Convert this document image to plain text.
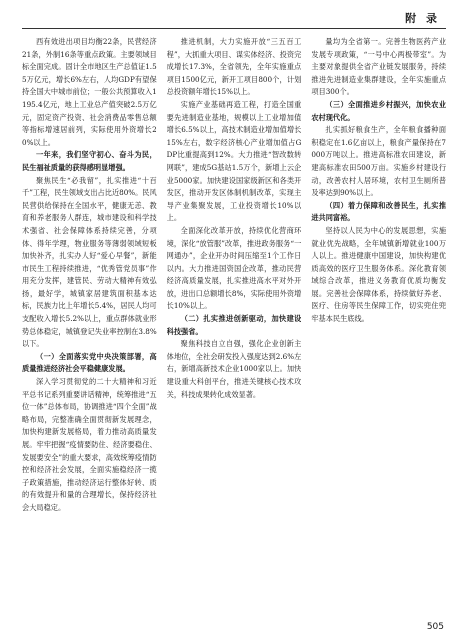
附 录

西有效进出项目均衡22条，民营经济21条，外制16条等重点政策。主要领域目标全面完成。固计全市地区生产总值证1.55万亿元，增长6%左右，人均GDP有望保持全国大中城市前位；一般公共预算收入1195.4亿元，地上工业总产值突破2.5万亿元，固定资产投资、社会消费品零售总额等指标增速居前列，实际使用外资增长20%以上。

一年来，我们坚守初心、奋斗为民，民生福祉质量的获得感明显增强。

聚焦民生“必我留”，扎实推进“十百千”工程，民生领域支出占比近80%。民风民营供给保持在全国水平，健康无恙、教育和养老服务人群连，城市建设和科学技术强省、社会保障体系持续完善，分项体、得年学理，物业服务等薄弱领域短板加快补齐，扎实办人好“爱心早餐”，新能市民生工程持续推进，“优秀管党员事”作用充分发挥，建管民、劳动大精神有效弘扬，最好学，城镇家居建筑面积基本达标，民族力比上年增长5.4%，居民人均可支配收入增长5.2%以上，重点群体就业形势总体稳定，城镇登记失业率控制在3.8%以下。

（一）全面落实党中央决策部署，高质量推进经济社会平稳健康发展。

深入学习贯彻党的二十大精神和习近平总书记系列重要讲话精神，统筹推进“五位一体”总体布局，协调推进“四个全面”战略布局，完整准确全面贯彻新发展理念，加快构建新发展格局，着力推动高质量发展。牢牢把握“疫情要防住、经济要稳住、发展要安全”的重大要求，高效统筹疫情防控和经济社会发展，全面实施稳经济一揽子政策措施，推动经济运行整体好转、质的有效提升和量的合理增长，保持经济社会大局稳定。

推进机制，大力实施开放“三五百工程”，大抓重大项目、谋实体经济、投资完成增长17.3%，全省领先，全年实施重点项目1500亿元，新开工项目800个，计划总投资额年增长15%以上。

实施产业基础再造工程，打造全国重要先进制造业基地，规模以上工业增加值增长6.5%以上，高技术制造业增加值增长15%左右，数字经济核心产业增加值占GDP比重提高到12%。大力推进“智改数转网联”，建成5G基站1.5万个，新增上云企业5000家。加快建设国家级新区和各类开发区，推动开发区体制机制改革，实现主导产业集聚发展，工业投资增长10%以上。

全面深化改革开放，持续优化营商环境，深化“放管服”改革，推进政务服务“一网通办”，企业开办时间压缩至1个工作日以内。大力推进国资国企改革，推动民营经济高质量发展，扎实推进高水平对外开放，进出口总额增长8%，实际使用外资增长10%以上。

（二）扎实推进创新驱动，加快建设科技强省。

聚焦科技自立自强，强化企业创新主体地位，全社会研发投入强度达到2.6%左右，新增高新技术企业1000家以上。加快建设重大科创平台，推进关键核心技术攻关，科技成果转化成效显著。

量均为全省第一。完善生物医药产业发展专项政策，“一号中心两极带室”。为主要对象提供全省产业链发展服务，持续推进先进制造业集群建设，全年实施重点项目300个。

（三）全面推进乡村振兴，加快农业农村现代化。

扎实抓好粮食生产，全年粮食播种面积稳定在1.6亿亩以上，粮食产量保持在7000万吨以上。推进高标准农田建设，新建高标准农田500万亩。实施乡村建设行动，改善农村人居环境，农村卫生厕所普及率达到90%以上。

（四）着力保障和改善民生，扎实推进共同富裕。

坚持以人民为中心的发展思想，实施就业优先战略，全年城镇新增就业100万人以上。推进健康中国建设，加快构建优质高效的医疗卫生服务体系。深化教育领域综合改革，推进义务教育优质均衡发展。完善社会保障体系，持续做好养老、医疗、住房等民生保障工作，切实兜住兜牢基本民生底线。

505
